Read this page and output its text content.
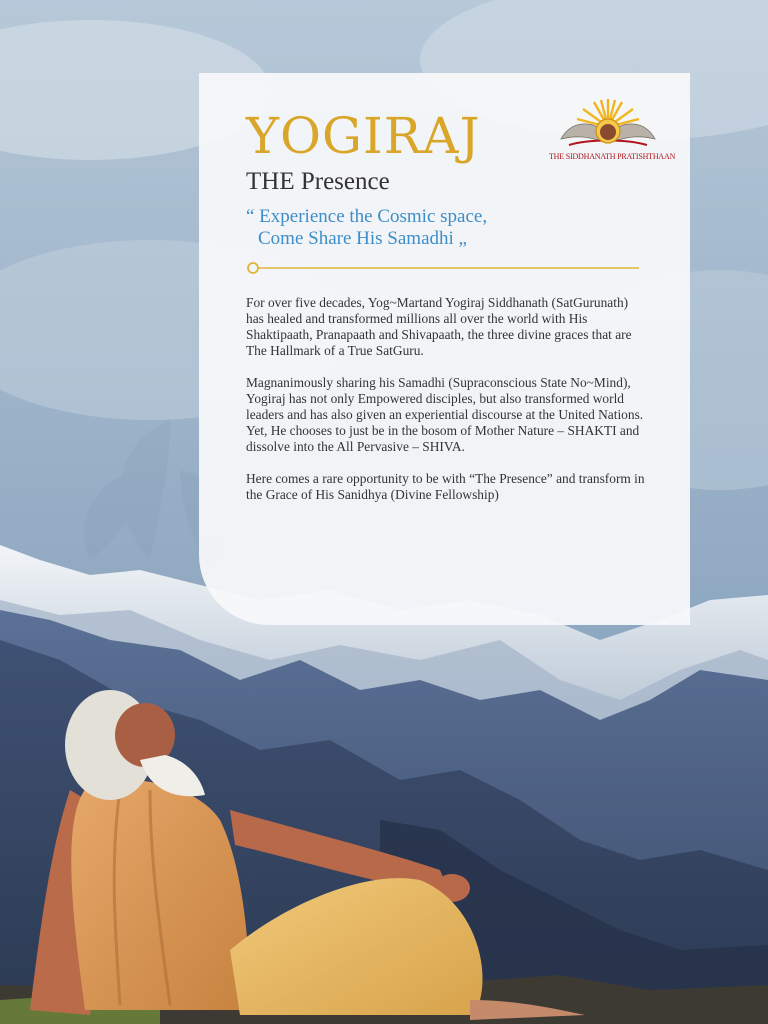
YOGIRAJ
THE Presence
“ Experience the Cosmic space,
Come Share His Samadhi „
THE SIDDHANATH PRATISHTHAAN

For over five decades, Yog~Martand Yogiraj Siddhanath (SatGurunath) has healed and transformed millions all over the world with His Shaktipaath, Pranapaath and Shivapaath, the three divine graces that are The Hallmark of a True SatGuru.

Magnanimously sharing his Samadhi (Supraconscious State No~Mind), Yogiraj has not only Empowered disciples, but also transformed world leaders and has also given an experiential discourse at the United Nations. Yet, He chooses to just be in the bosom of Mother Nature – SHAKTI and dissolve into the All Pervasive – SHIVA.

Here comes a rare opportunity to be with “The Presence” and transform in the Grace of His Sanidhya (Divine Fellowship)
